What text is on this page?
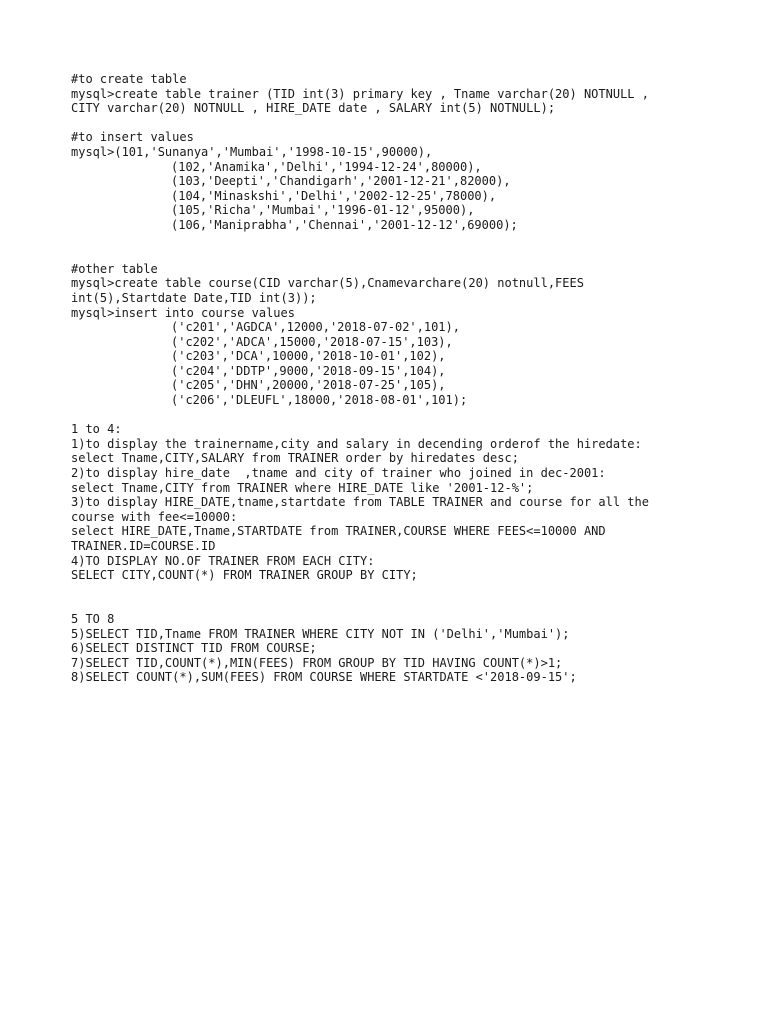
#to create table
mysql>create table trainer (TID int(3) primary key , Tname varchar(20) NOTNULL ,
CITY varchar(20) NOTNULL , HIRE_DATE date , SALARY int(5) NOTNULL);
#to insert values
mysql>(101,'Sunanya','Mumbai','1998-10-15',90000),
(102,'Anamika','Delhi','1994-12-24',80000),
(103,'Deepti','Chandigarh','2001-12-21',82000),
(104,'Minaskshi','Delhi','2002-12-25',78000),
(105,'Richa','Mumbai','1996-01-12',95000),
(106,'Maniprabha','Chennai','2001-12-12',69000);
#other table
mysql>create table course(CID varchar(5),Cnamevarchare(20) notnull,FEES
int(5),Startdate Date,TID int(3));
mysql>insert into course values
('c201','AGDCA',12000,'2018-07-02',101),
('c202','ADCA',15000,'2018-07-15',103),
('c203','DCA',10000,'2018-10-01',102),
('c204','DDTP',9000,'2018-09-15',104),
('c205','DHN',20000,'2018-07-25',105),
('c206','DLEUFL',18000,'2018-08-01',101);
1 to 4:
1)to display the trainername,city and salary in decending orderof the hiredate:
select Tname,CITY,SALARY from TRAINER order by hiredates desc;
2)to display hire_date  ,tname and city of trainer who joined in dec-2001:
select Tname,CITY from TRAINER where HIRE_DATE like '2001-12-%';
3)to display HIRE_DATE,tname,startdate from TABLE TRAINER and course for all the
course with fee<=10000:
select HIRE_DATE,Tname,STARTDATE from TRAINER,COURSE WHERE FEES<=10000 AND
TRAINER.ID=COURSE.ID
4)TO DISPLAY NO.OF TRAINER FROM EACH CITY:
SELECT CITY,COUNT(*) FROM TRAINER GROUP BY CITY;
5 TO 8
5)SELECT TID,Tname FROM TRAINER WHERE CITY NOT IN ('Delhi','Mumbai');
6)SELECT DISTINCT TID FROM COURSE;
7)SELECT TID,COUNT(*),MIN(FEES) FROM GROUP BY TID HAVING COUNT(*)>1;
8)SELECT COUNT(*),SUM(FEES) FROM COURSE WHERE STARTDATE <'2018-09-15';
